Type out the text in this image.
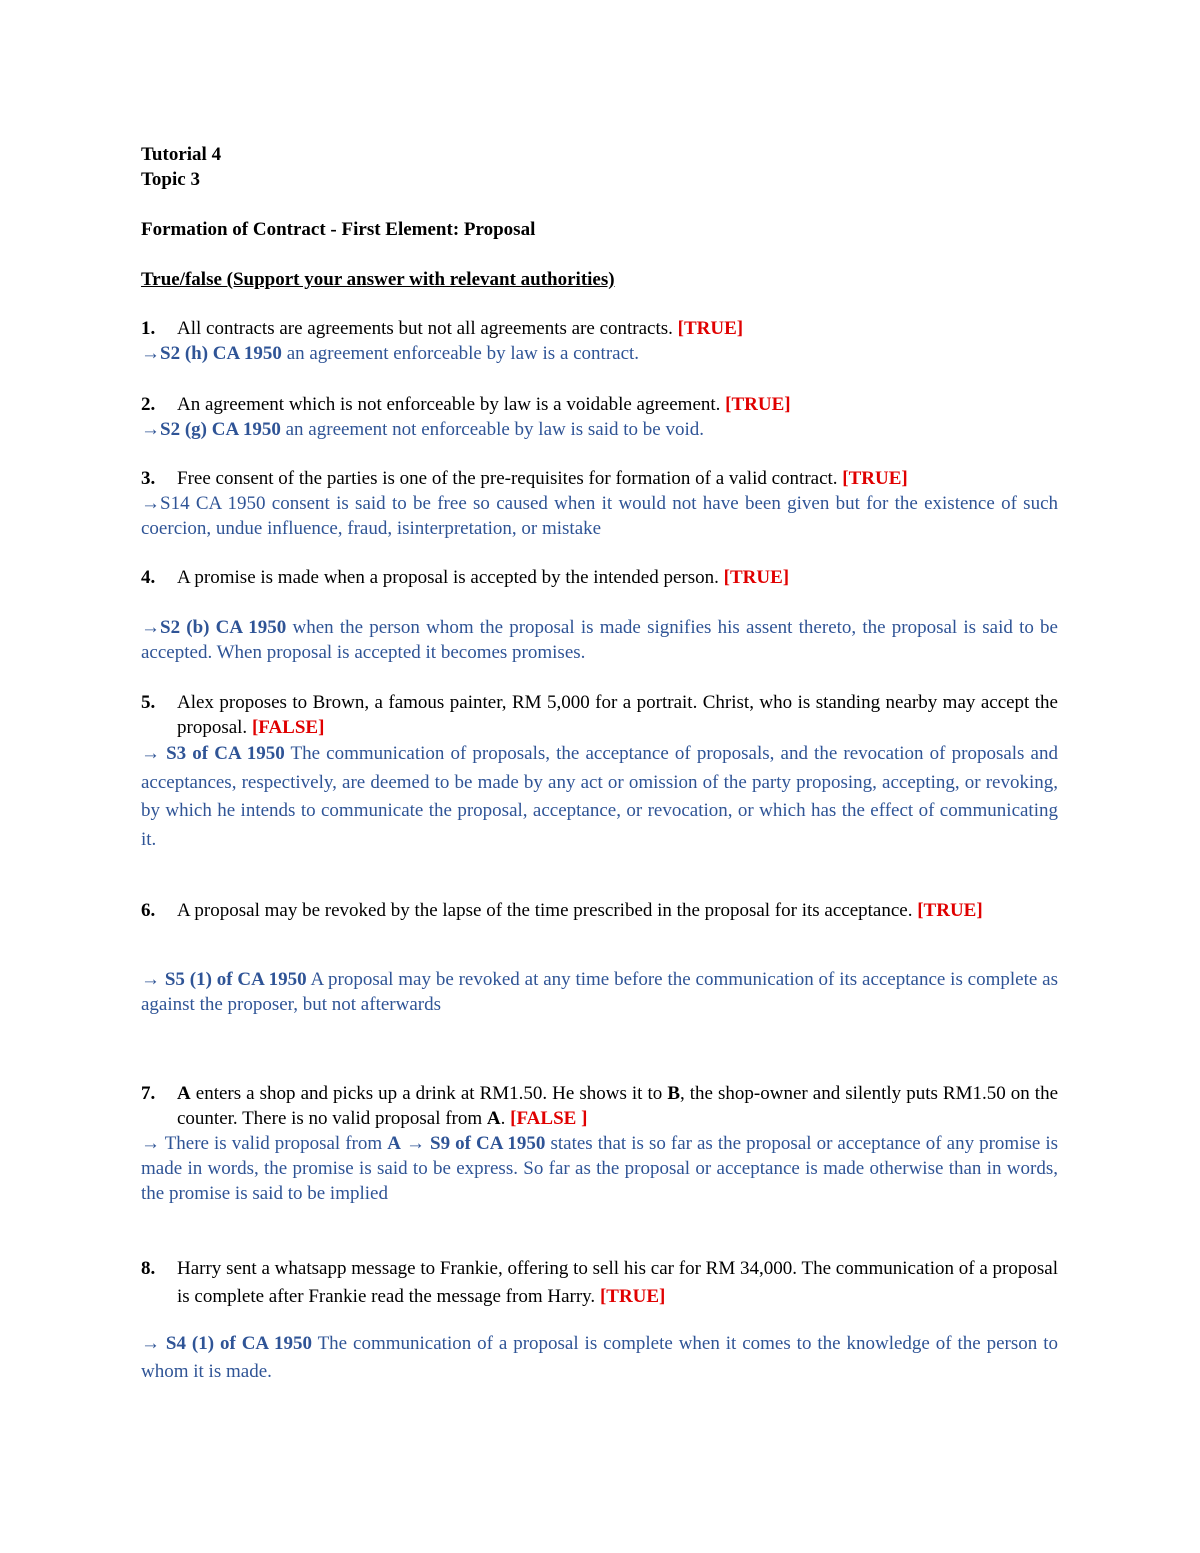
Tutorial 4
Topic 3
Formation of Contract - First Element: Proposal
True/false (Support your answer with relevant authorities)
1. All contracts are agreements but not all agreements are contracts. [TRUE]
→S2 (h) CA 1950 an agreement enforceable by law is a contract.
2. An agreement which is not enforceable by law is a voidable agreement. [TRUE]
→S2 (g) CA 1950 an agreement not enforceable by law is said to be void.
3. Free consent of the parties is one of the pre-requisites for formation of a valid contract. [TRUE]
→S14 CA 1950 consent is said to be free so caused when it would not have been given but for the existence of such coercion, undue influence, fraud, isinterpretation, or mistake
4. A promise is made when a proposal is accepted by the intended person. [TRUE]
→S2 (b) CA 1950 when the person whom the proposal is made signifies his assent thereto, the proposal is said to be accepted. When proposal is accepted it becomes promises.
5. Alex proposes to Brown, a famous painter, RM 5,000 for a portrait. Christ, who is standing nearby may accept the proposal. [FALSE]
→ S3 of CA 1950 The communication of proposals, the acceptance of proposals, and the revocation of proposals and acceptances, respectively, are deemed to be made by any act or omission of the party proposing, accepting, or revoking, by which he intends to communicate the proposal, acceptance, or revocation, or which has the effect of communicating it.
6. A proposal may be revoked by the lapse of the time prescribed in the proposal for its acceptance. [TRUE]
→ S5 (1) of CA 1950 A proposal may be revoked at any time before the communication of its acceptance is complete as against the proposer, but not afterwards
7. A enters a shop and picks up a drink at RM1.50. He shows it to B, the shop-owner and silently puts RM1.50 on the counter. There is no valid proposal from A. [FALSE ]
→ There is valid proposal from A → S9 of CA 1950 states that is so far as the proposal or acceptance of any promise is made in words, the promise is said to be express. So far as the proposal or acceptance is made otherwise than in words, the promise is said to be implied
8. Harry sent a whatsapp message to Frankie, offering to sell his car for RM 34,000. The communication of a proposal is complete after Frankie read the message from Harry. [TRUE]
→ S4 (1) of CA 1950 The communication of a proposal is complete when it comes to the knowledge of the person to whom it is made.
